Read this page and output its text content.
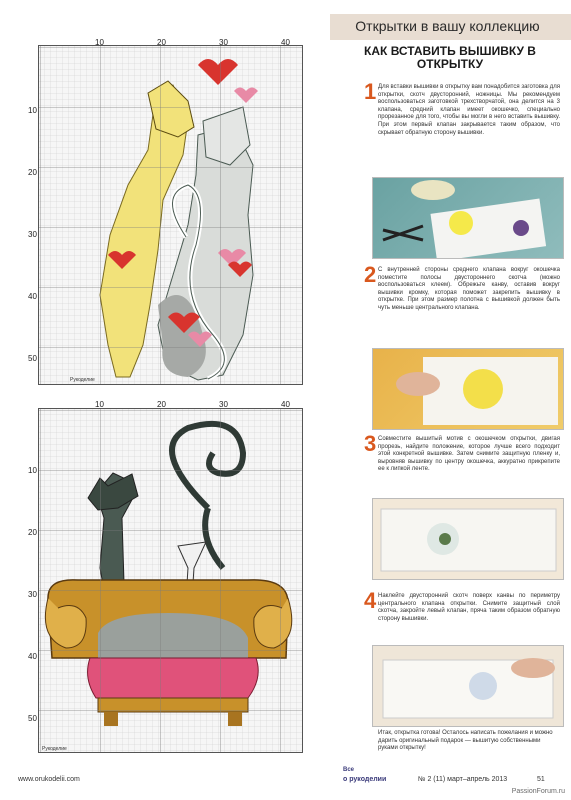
Рукоделие
10	20	30	40
10
20
30
40
50
10	20	30	40
10
20
30
40
50
Рукоделие
Открытки в вашу коллекцию
КАК ВСТАВИТЬ ВЫШИВКУ В ОТКРЫТКУ
1 Для вставки вышивки в открытку вам понадобится заготовка для открытки, скотч двусторонний, ножницы. Мы рекомендуем воспользоваться заготовкой трехстворчатой, она делится на 3 клапана, средний клапан имеет окошечко, специально прорезанное для того, чтобы вы могли в него вставить вышивку. При этом первый клапан закрывается таким образом, что скрывает обратную сторону вышивки.
2 С внутренней стороны среднего клапана вокруг окошечка поместите полосы двустороннего скотча (можно воспользоваться клеем). Обрежьте канву, оставив вокруг вышивки кромку, которая поможет закрепить вышивку в открытке. При этом размер полотна с вышивкой должен быть чуть меньше центрального клапана.
3 Совместите вышитый мотив с окошечком открытки, двигая прорезь, найдите положение, которое лучше всего подходит этой конкретной вышивке. Затем снимите защитную пленку и, выровняв вышивку по центру окошечка, аккуратно прикрепите ее к липкой ленте.
4 Наклейте двусторонний скотч поверх канвы по периметру центрального клапана открытки. Снимите защитный слой скотча, закройте левый клапан, пряча таким образом обратную сторону вышивки.
Итак, открытка готова! Осталось написать пожелания и можно дарить оригинальный подарок — вышитую собственными руками открытку!
www.orukodelii.com
Все
о рукоделии	№ 2 (11) март–апрель 2013	51
PassionForum.ru
